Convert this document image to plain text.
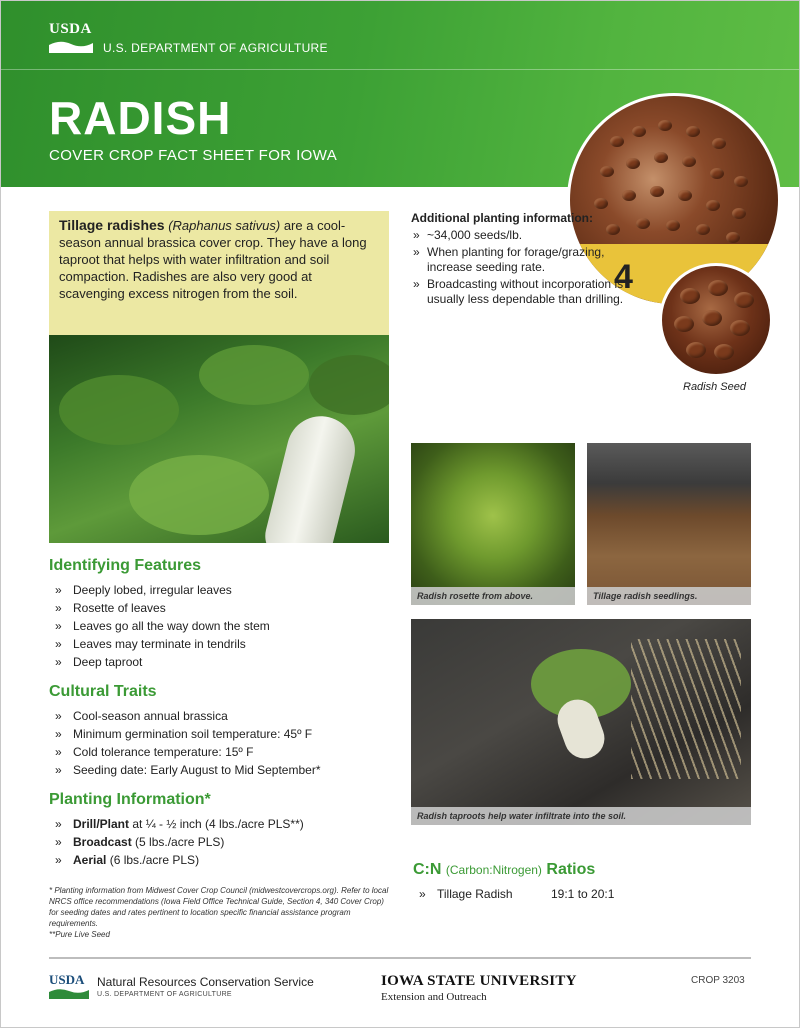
USDA
U.S. DEPARTMENT OF AGRICULTURE
RADISH
COVER CROP FACT SHEET FOR IOWA
4
Radish Seed
Tillage radishes (Raphanus sativus) are a cool-season annual brassica cover crop. They have a long taproot that helps with water infiltration and soil compaction. Radishes are also very good at scavenging excess nitrogen from the soil.
Additional planting information:
» ~34,000 seeds/lb.
» When planting for forage/grazing, increase seeding rate.
» Broadcasting without incorporation is usually less dependable than drilling.
Identifying Features
» Deeply lobed, irregular leaves
» Rosette of leaves
» Leaves go all the way down the stem
» Leaves may terminate in tendrils
» Deep taproot
Cultural Traits
» Cool-season annual brassica
» Minimum germination soil temperature: 45º F
» Cold tolerance temperature: 15º F
» Seeding date: Early August to Mid September*
Planting Information*
» Drill/Plant at ¼ - ½ inch (4 lbs./acre PLS**)
» Broadcast (5 lbs./acre PLS)
» Aerial (6 lbs./acre PLS)
* Planting information from Midwest Cover Crop Council (midwestcovercrops.org). Refer to local NRCS office recommendations (Iowa Field Office Technical Guide, Section 4, 340 Cover Crop) for seeding dates and rates pertinent to location specific financial assistance program requirements.
**Pure Live Seed
Radish rosette from above.	Tillage radish seedlings.
Radish taproots help water infiltrate into the soil.
C:N (Carbon:Nitrogen) Ratios
» Tillage Radish	19:1 to 20:1
USDA	Natural Resources Conservation Service
U.S. DEPARTMENT OF AGRICULTURE
IOWA STATE UNIVERSITY
Extension and Outreach
CROP 3203
